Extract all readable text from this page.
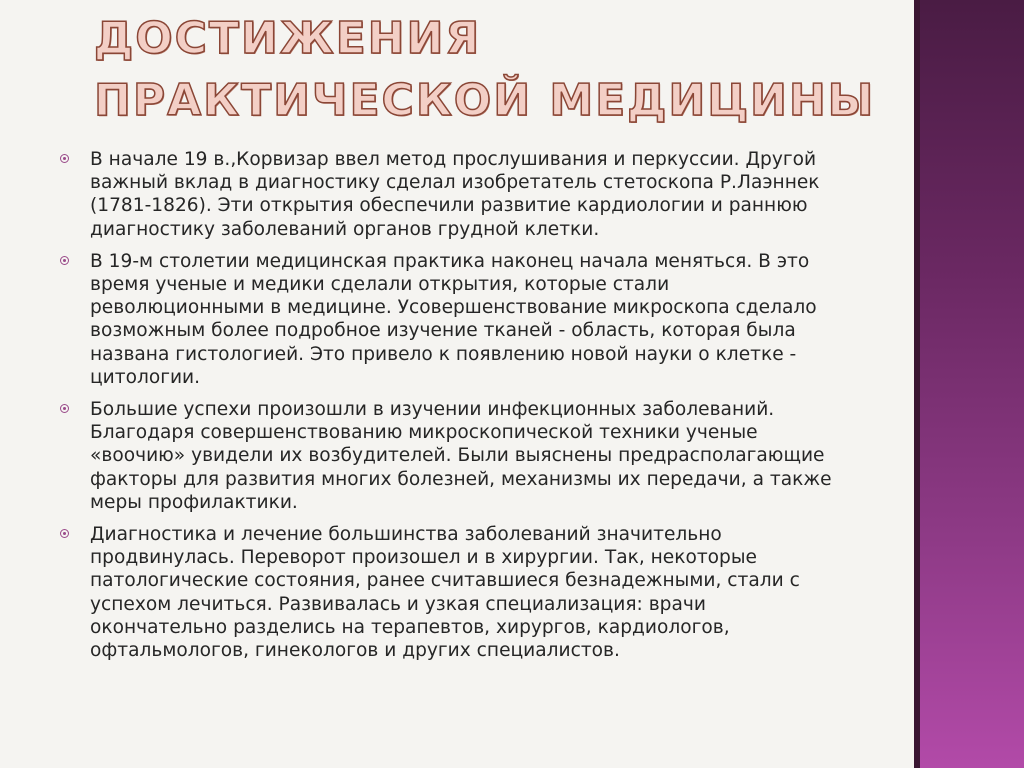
ДОСТИЖЕНИЯ ПРАКТИЧЕСКОЙ МЕДИЦИНЫ
В начале 19 в.‚Корвизар ввел метод прослушивания и перкуссии. Другой важный вклад в диагностику сделал изобретатель стетоскопа Р.Лаэннек (1781-1826). Эти открытия обеспечили развитие кардиологии и раннюю диагностику заболеваний органов грудной клетки.
В 19-м столетии медицинская практика наконец начала меняться. В это время ученые и медики сделали открытия, которые стали революционными в медицине. Усовершенствование микроскопа сделало возможным более подробное изучение тканей - область, которая была названа гистологией. Это привело к появлению новой науки о клетке - цитологии.
Большие успехи произошли в изучении инфекционных заболеваний. Благодаря совершенствованию микроскопической техники ученые «воочию» увидели их возбудителей. Были выяснены предрасполагающие факторы для развития многих болезней, механизмы их передачи, а также меры профилактики.
Диагностика и лечение большинства заболеваний значительно продвинулась. Переворот произошел и в хирургии. Так, некоторые патологические состояния, ранее считавшиеся безнадежными, стали с успехом лечиться. Развивалась и узкая специализация: врачи окончательно разделись на терапевтов, хирургов, кардиологов, офтальмологов, гинекологов и других специалистов.
